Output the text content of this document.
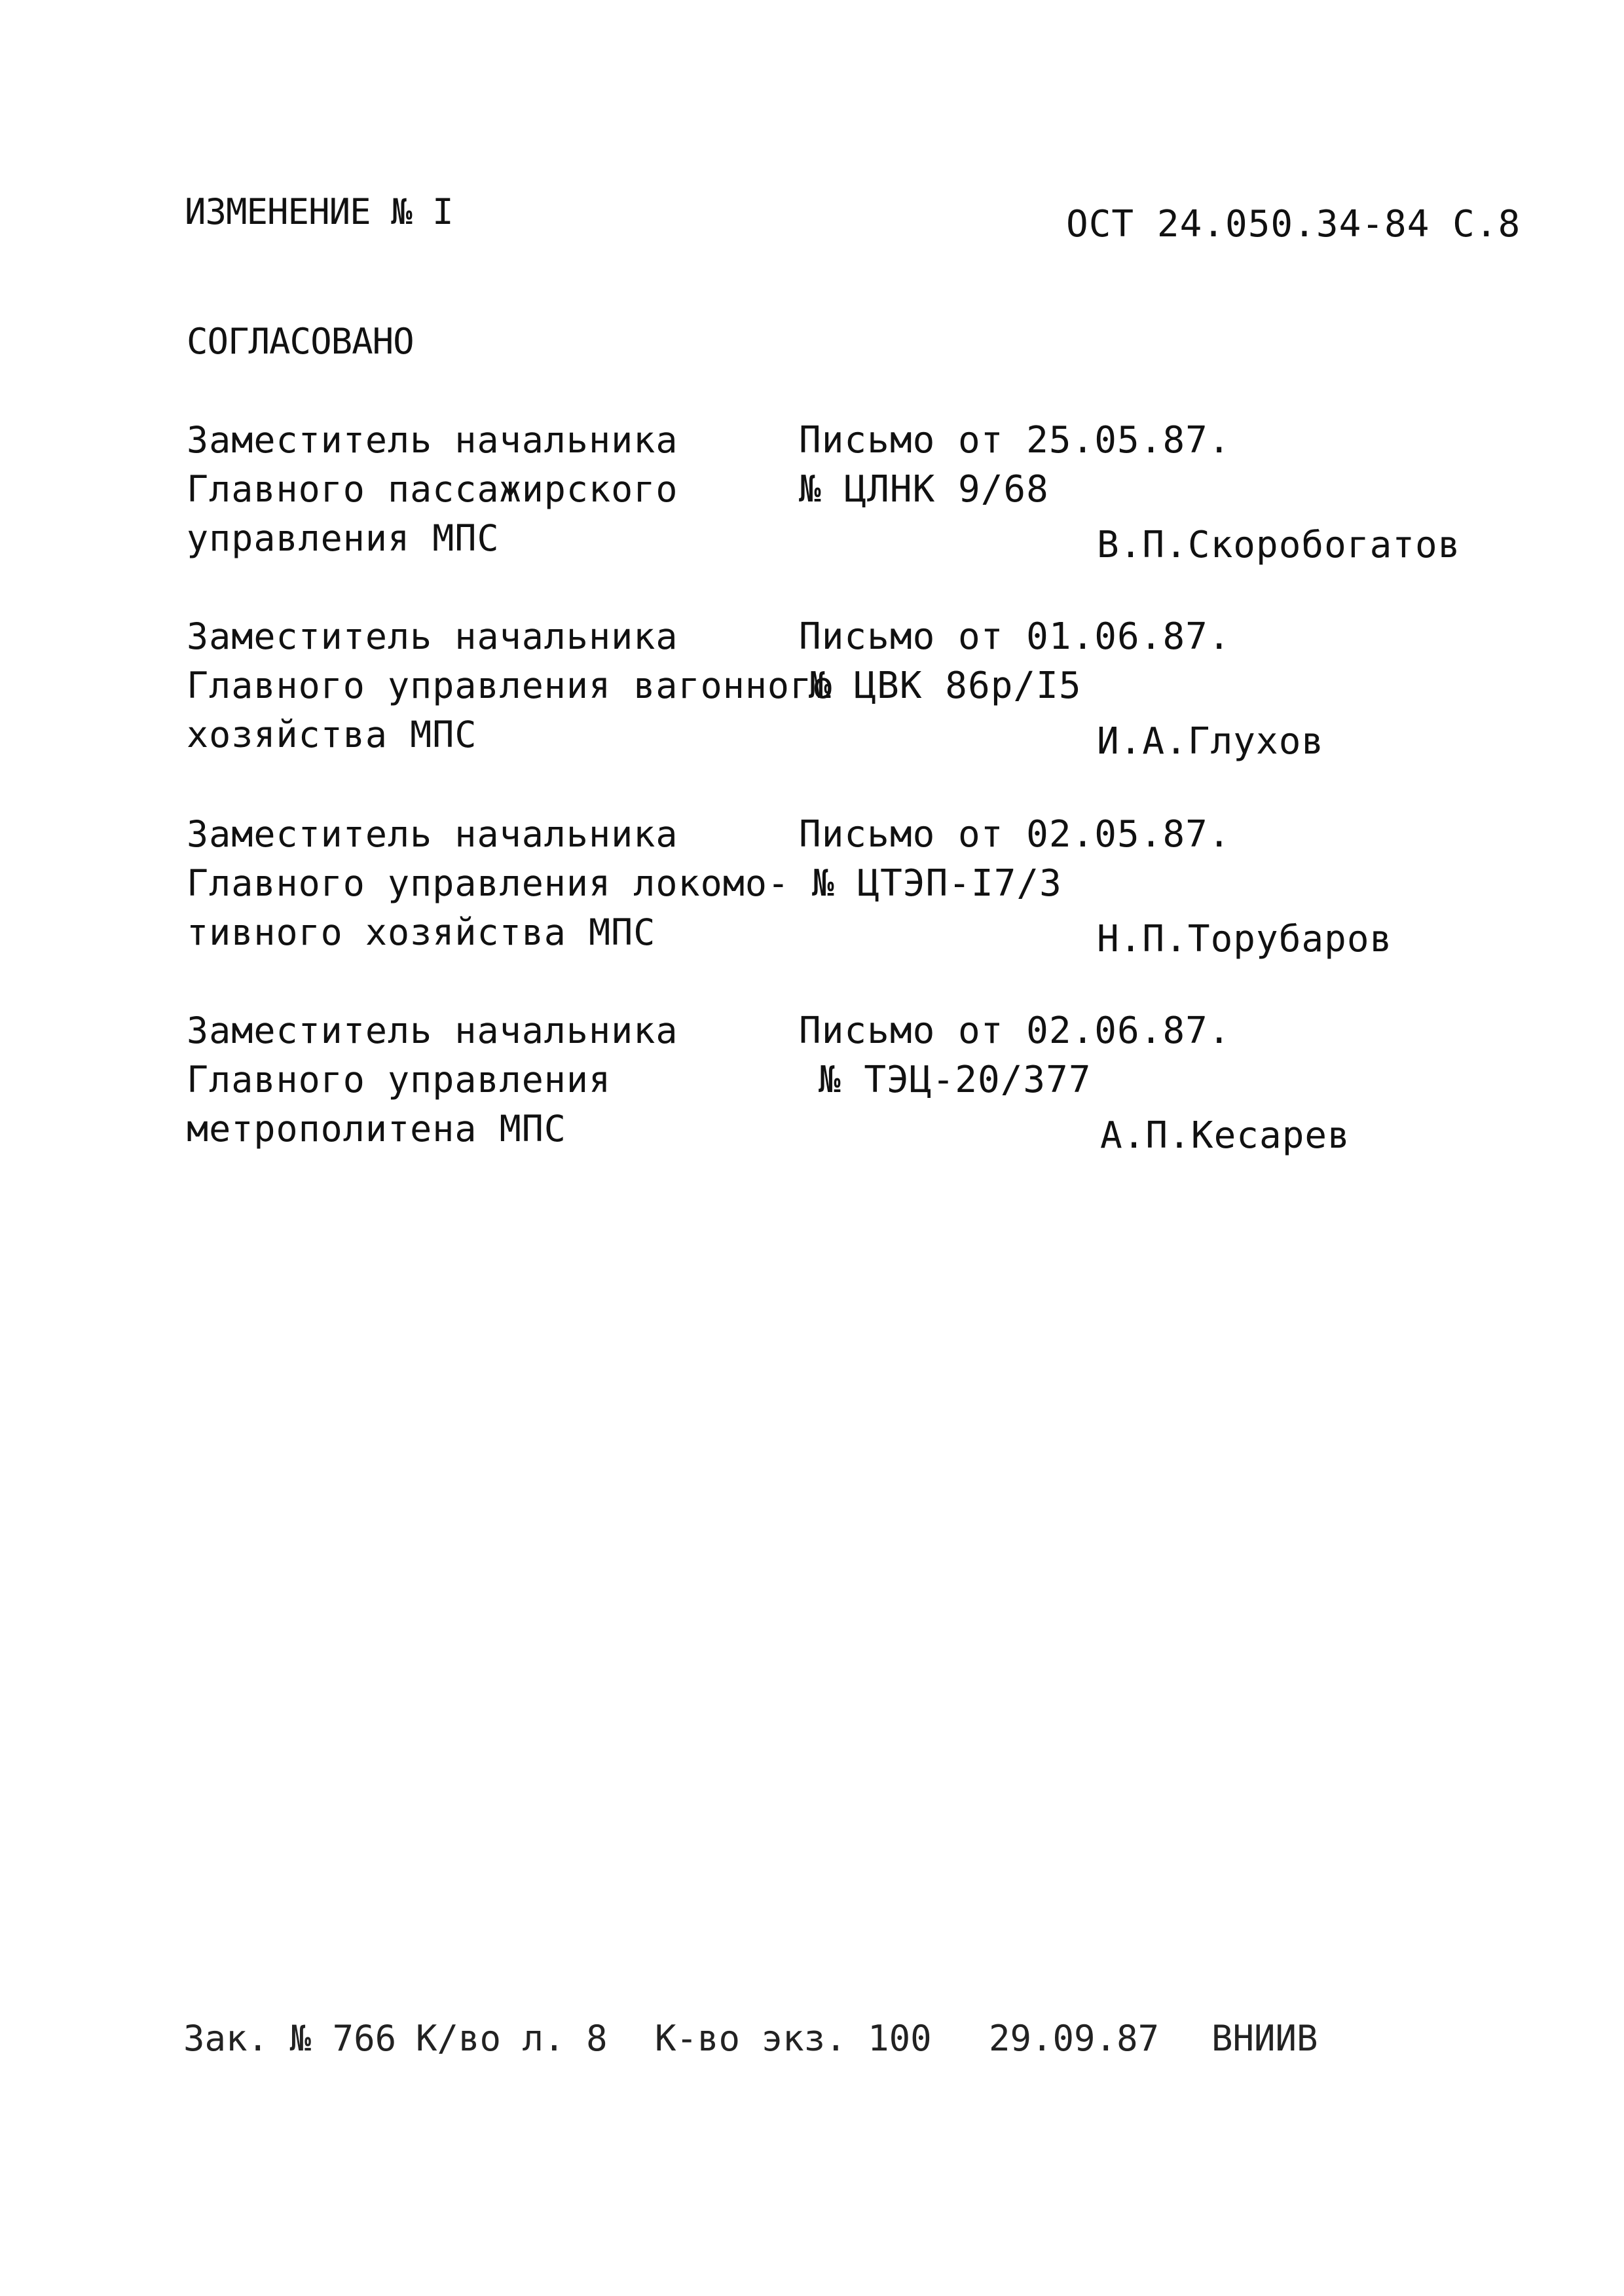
ИЗМЕНЕНИЕ № I	ОСТ 24.050.34-84 С.8
СОГЛАСОВАНО
Заместитель начальника
Главного пассажирского
управления МПС
Письмо от 25.05.87.
№ ЦЛНК 9/68
В.П.Скоробогатов
Заместитель начальника
Главного управления вагонного
хозяйства МПС
Письмо от 01.06.87.
№ ЦВК 86р/I5
И.А.Глухов
Заместитель начальника
Главного управления локомо-
тивного хозяйства МПС
Письмо от 02.05.87.
№ ЦТЭП-I7/3
Н.П.Торубаров
Заместитель начальника
Главного управления
метрополитена МПС
Письмо от 02.06.87.
№ ТЭЦ-20/377
А.П.Кесарев
Зак. № 766 К/во л. 8 К-во экз. 100 29.09.87 ВНИИВ
